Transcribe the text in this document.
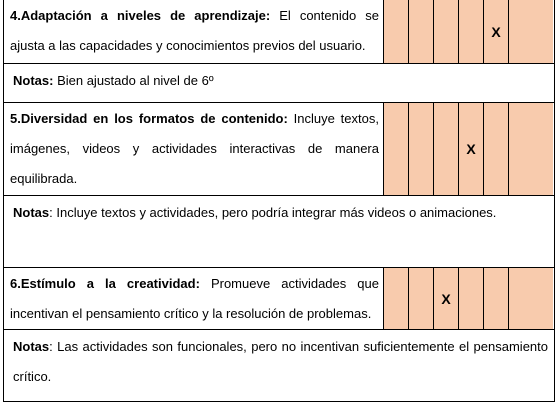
4.Adaptación a niveles de aprendizaje: El contenido se ajusta a las capacidades y conocimientos previos del usuario.
X
Notas: Bien ajustado al nivel de 6º
5.Diversidad en los formatos de contenido: Incluye textos, imágenes, videos y actividades interactivas de manera equilibrada.
X
Notas: Incluye textos y actividades, pero podría integrar más videos o animaciones.
6.Estímulo a la creatividad: Promueve actividades que incentivan el pensamiento crítico y la resolución de problemas.
X
Notas: Las actividades son funcionales, pero no incentivan suficientemente el pensamiento crítico.
